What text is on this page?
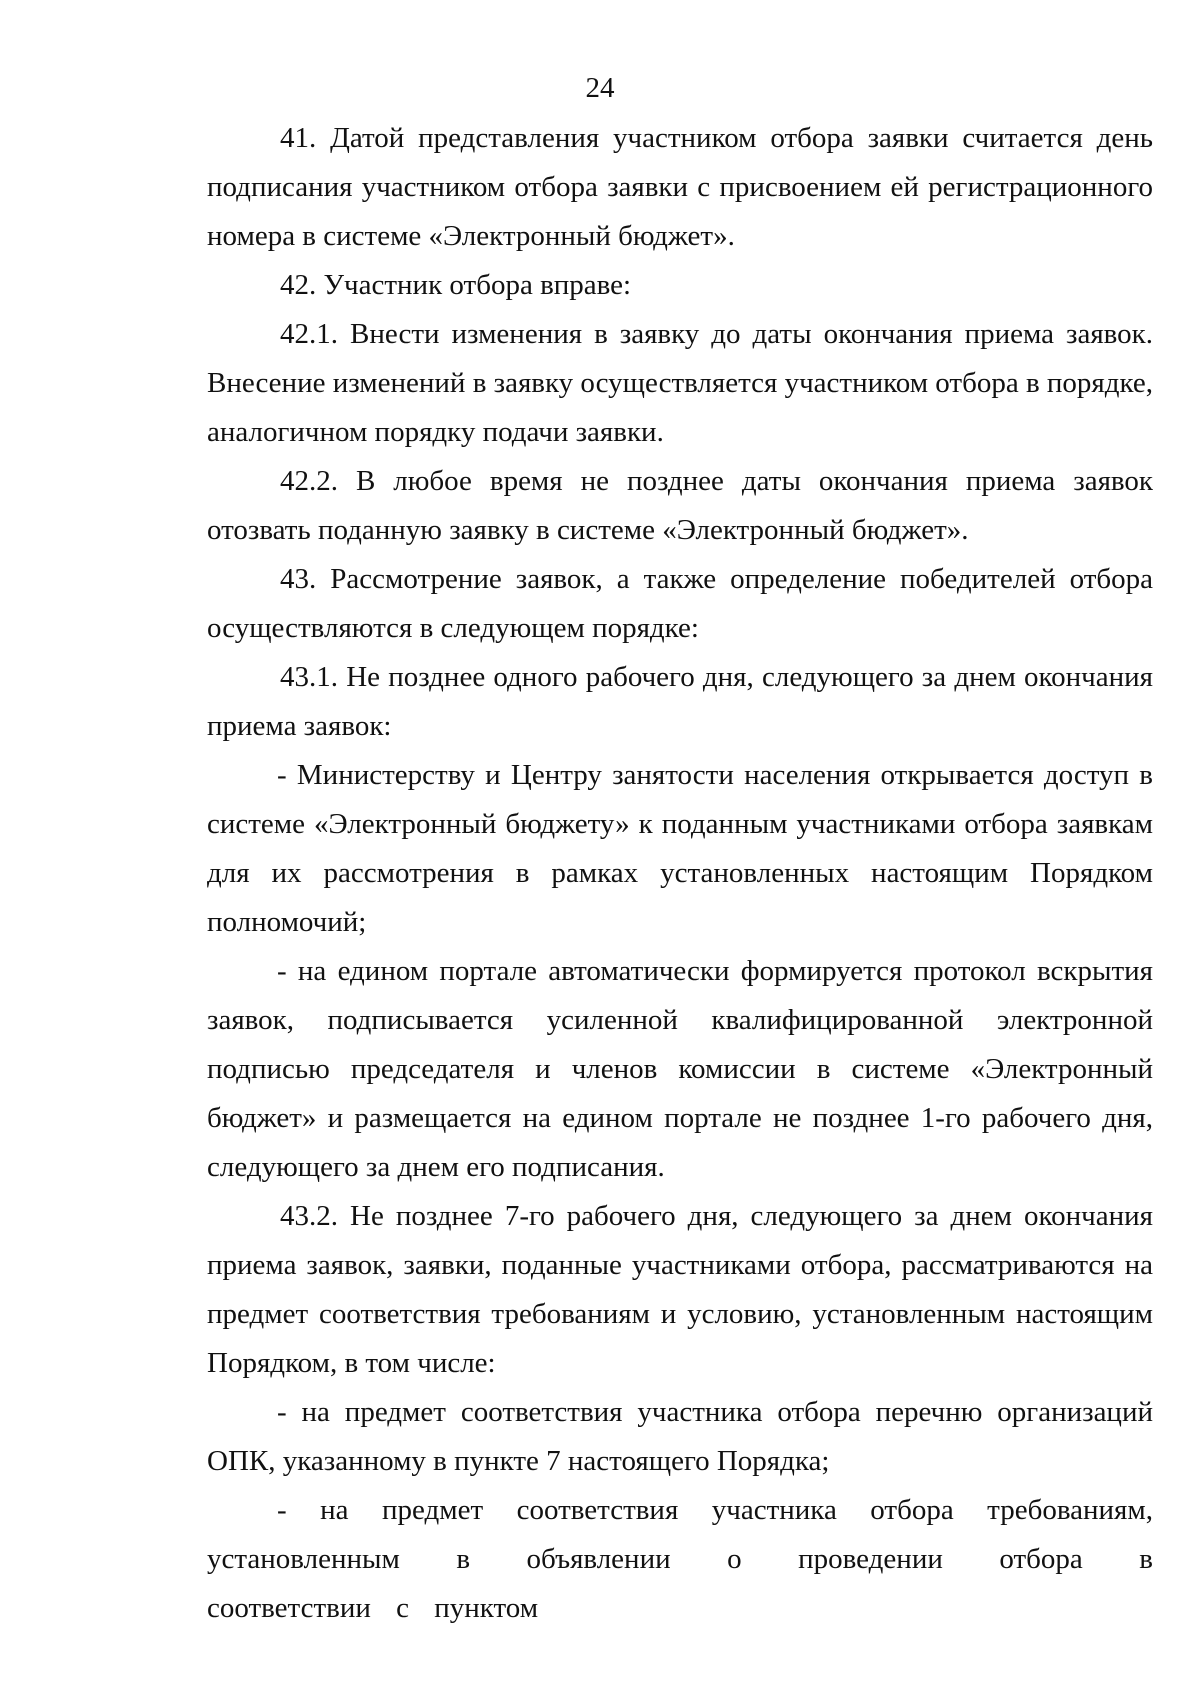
24

41. Датой представления участником отбора заявки считается день подписания участником отбора заявки с присвоением ей регистрационного номера в системе «Электронный бюджет».

42. Участник отбора вправе:

42.1. Внести изменения в заявку до даты окончания приема заявок. Внесение изменений в заявку осуществляется участником отбора в порядке, аналогичном порядку подачи заявки.

42.2. В любое время не позднее даты окончания приема заявок отозвать поданную заявку в системе «Электронный бюджет».

43. Рассмотрение заявок, а также определение победителей отбора осуществляются в следующем порядке:

43.1. Не позднее одного рабочего дня, следующего за днем окончания приема заявок:

- Министерству и Центру занятости населения открывается доступ в системе «Электронный бюджету» к поданным участниками отбора заявкам для их рассмотрения в рамках установленных настоящим Порядком полномочий;

- на едином портале автоматически формируется протокол вскрытия заявок, подписывается усиленной квалифицированной электронной подписью председателя и членов комиссии в системе «Электронный бюджет» и размещается на едином портале не позднее 1-го рабочего дня, следующего за днем его подписания.

43.2. Не позднее 7-го рабочего дня, следующего за днем окончания приема заявок, заявки, поданные участниками отбора, рассматриваются на предмет соответствия требованиям и условию, установленным настоящим Порядком, в том числе:

- на предмет соответствия участника отбора перечню организаций ОПК, указанному в пункте 7 настоящего Порядка;

- на предмет соответствия участника отбора требованиям, установленным в объявлении о проведении отбора в соответствии с пунктом
